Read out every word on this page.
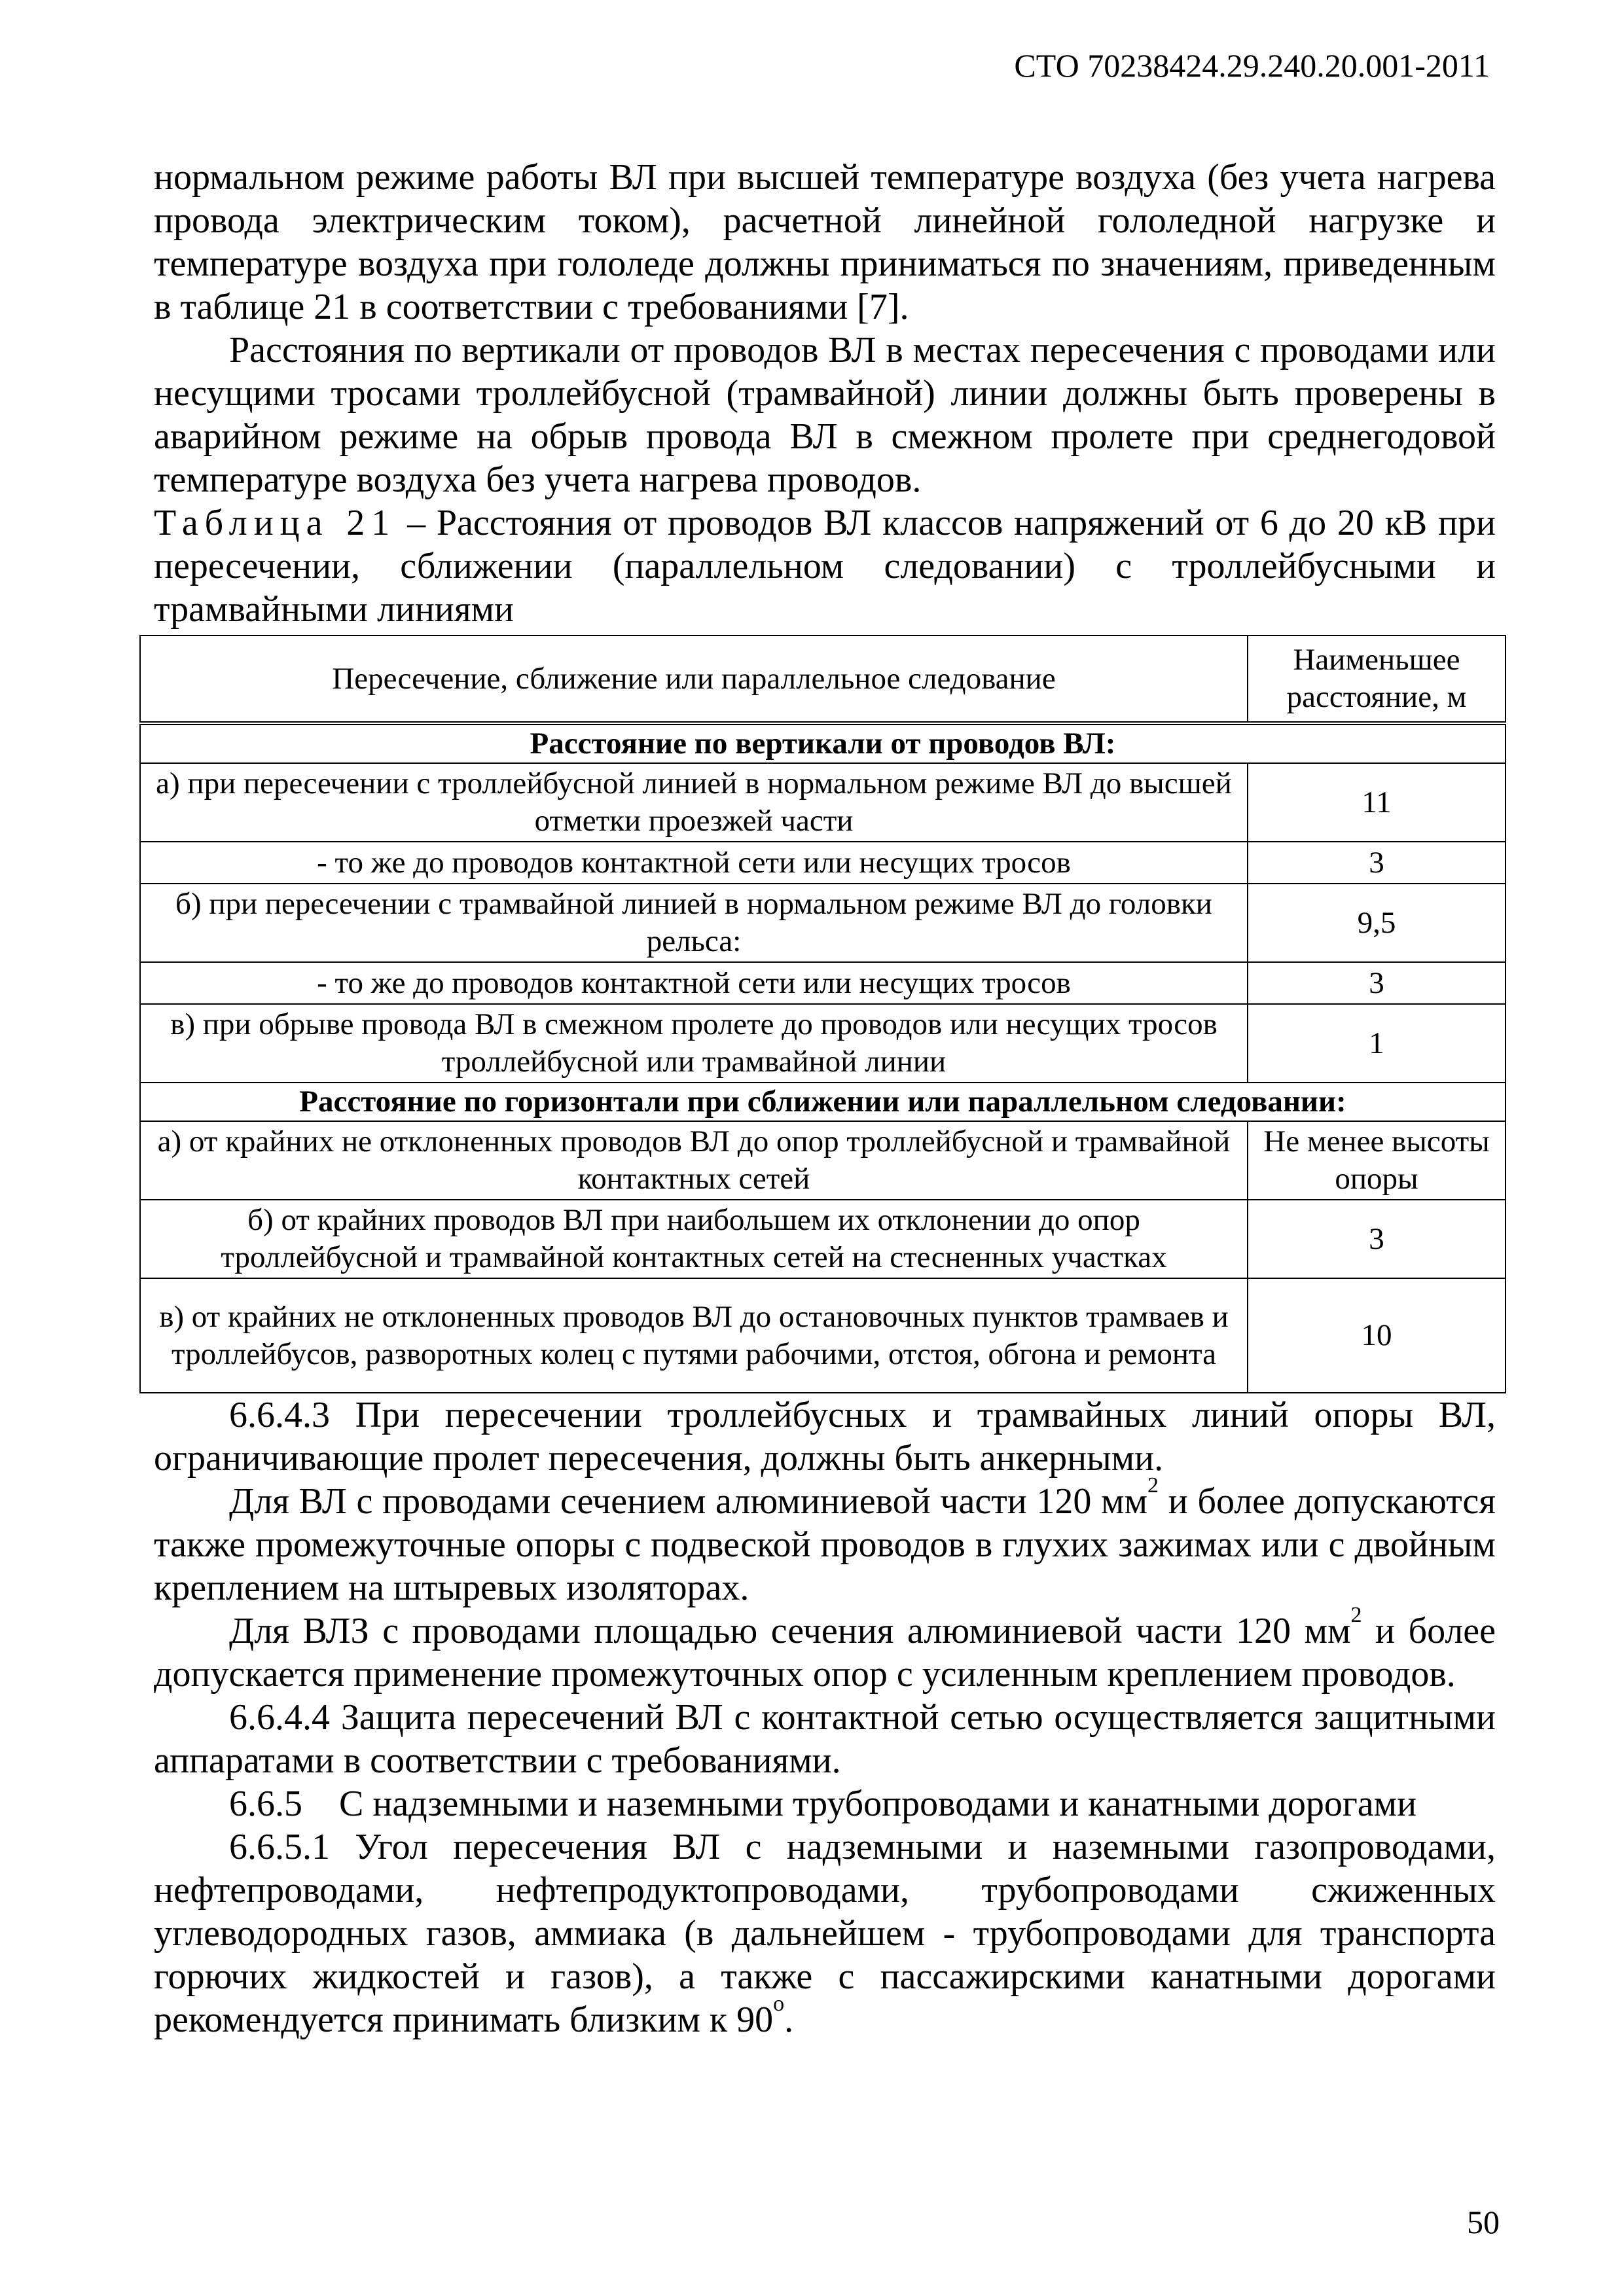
СТО 70238424.29.240.20.001-2011

нормальном режиме работы ВЛ при высшей температуре воздуха (без учета нагрева провода электрическим током), расчетной линейной гололедной нагрузке и температуре воздуха при гололеде должны приниматься по значениям, приведенным в таблице 21 в соответствии с требованиями [7].

Расстояния по вертикали от проводов ВЛ в местах пересечения с проводами или несущими тросами троллейбусной (трамвайной) линии должны быть проверены в аварийном режиме на обрыв провода ВЛ в смежном пролете при среднегодовой температуре воздуха без учета нагрева проводов.

Таблица 21 – Расстояния от проводов ВЛ классов напряжений от 6 до 20 кВ при пересечении, сближении (параллельном следовании) с троллейбусными и трамвайными линиями

Пересечение, сближение или параллельное следование	Наименьшее расстояние, м
Расстояние по вертикали от проводов ВЛ:	
а) при пересечении с троллейбусной линией в нормальном режиме ВЛ до высшей отметки проезжей части	11
- то же до проводов контактной сети или несущих тросов	3
б) при пересечении с трамвайной линией в нормальном режиме ВЛ до головки рельса:	9,5
- то же до проводов контактной сети или несущих тросов	3
в) при обрыве провода ВЛ в смежном пролете до проводов или несущих тросов троллейбусной или трамвайной линии	1
Расстояние по горизонтали при сближении или параллельном следовании:	
а) от крайних не отклоненных проводов ВЛ до опор троллейбусной и трамвайной контактных сетей	Не менее высоты опоры
б) от крайних проводов ВЛ при наибольшем их отклонении до опор троллейбусной и трамвайной контактных сетей на стесненных участках	3
в) от крайних не отклоненных проводов ВЛ до остановочных пунктов трамваев и троллейбусов, разворотных колец с путями рабочими, отстоя, обгона и ремонта	10

6.6.4.3 При пересечении троллейбусных и трамвайных линий опоры ВЛ, ограничивающие пролет пересечения, должны быть анкерными.

Для ВЛ с проводами сечением алюминиевой части 120 $мм^2$ и более допускаются также промежуточные опоры с подвеской проводов в глухих зажимах или с двойным креплением на штыревых изоляторах.

Для ВЛЗ с проводами площадью сечения алюминиевой части 120 $мм^2$ и более допускается применение промежуточных опор с усиленным креплением проводов.

6.6.4.4 Защита пересечений ВЛ с контактной сетью осуществляется защитными аппаратами в соответствии с требованиями.

6.6.5    С надземными и наземными трубопроводами и канатными дорогами

6.6.5.1 Угол пересечения ВЛ с надземными и наземными газопроводами, нефтепроводами, нефтепродуктопроводами, трубопроводами сжиженных углеводородных газов, аммиака (в дальнейшем - трубопроводами для транспорта горючих жидкостей и газов), а также с пассажирскими канатными дорогами рекомендуется принимать близким к $90^о$.

50
